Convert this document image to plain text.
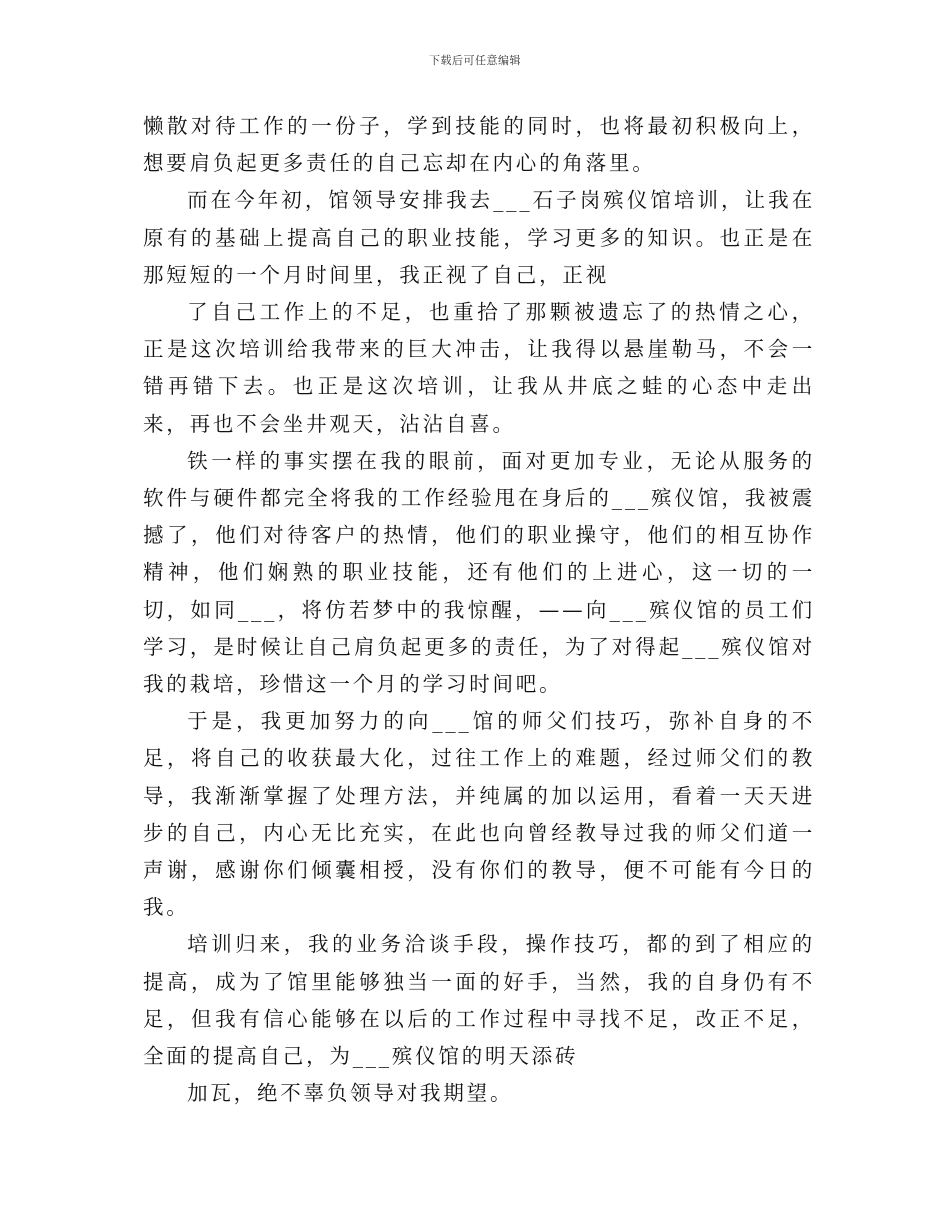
下载后可任意编辑

懒散对待工作的一份子，学到技能的同时，也将最初积极向上，想要肩负起更多责任的自己忘却在内心的角落里。

而在今年初，馆领导安排我去___石子岗殡仪馆培训，让我在原有的基础上提高自己的职业技能，学习更多的知识。也正是在那短短的一个月时间里，我正视了自己，正视

了自己工作上的不足，也重拾了那颗被遗忘了的热情之心，正是这次培训给我带来的巨大冲击，让我得以悬崖勒马，不会一错再错下去。也正是这次培训，让我从井底之蛙的心态中走出来，再也不会坐井观天，沾沾自喜。

铁一样的事实摆在我的眼前，面对更加专业，无论从服务的软件与硬件都完全将我的工作经验甩在身后的___殡仪馆，我被震撼了，他们对待客户的热情，他们的职业操守，他们的相互协作精神，他们娴熟的职业技能，还有他们的上进心，这一切的一切，如同___，将仿若梦中的我惊醒，——向___殡仪馆的员工们学习，是时候让自己肩负起更多的责任，为了对得起___殡仪馆对我的栽培，珍惜这一个月的学习时间吧。

于是，我更加努力的向___馆的师父们技巧，弥补自身的不足，将自己的收获最大化，过往工作上的难题，经过师父们的教导，我渐渐掌握了处理方法，并纯属的加以运用，看着一天天进步的自己，内心无比充实，在此也向曾经教导过我的师父们道一声谢，感谢你们倾囊相授，没有你们的教导，便不可能有今日的我。

培训归来，我的业务洽谈手段，操作技巧，都的到了相应的提高，成为了馆里能够独当一面的好手，当然，我的自身仍有不足，但我有信心能够在以后的工作过程中寻找不足，改正不足，全面的提高自己，为___殡仪馆的明天添砖

加瓦，绝不辜负领导对我期望。
